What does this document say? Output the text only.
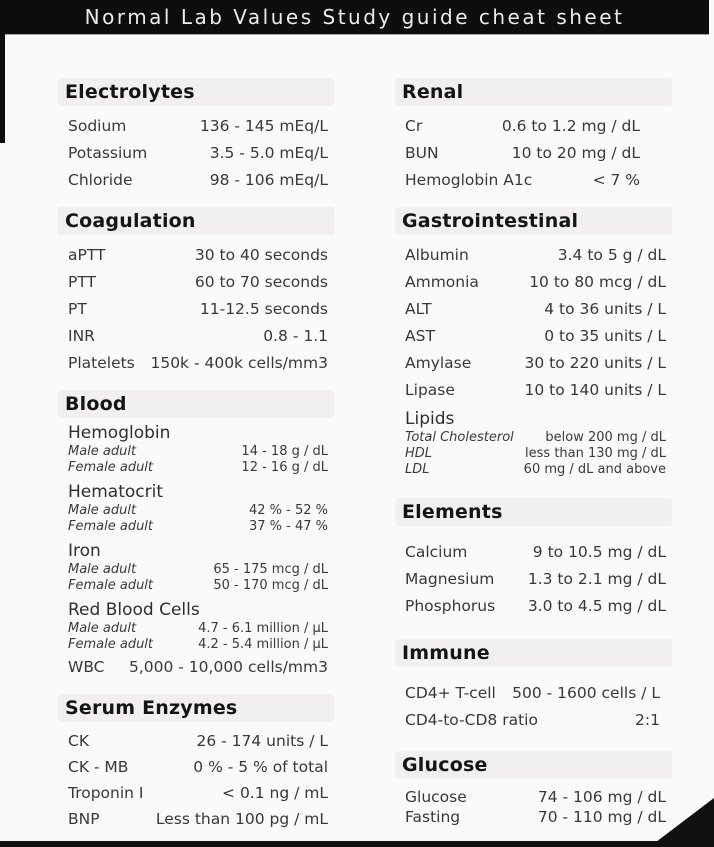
Normal Lab Values Study guide cheat sheet
Electrolytes
Sodium	136 - 145 mEq/L
Potassium	3.5 - 5.0 mEq/L
Chloride	98 - 106 mEq/L
Coagulation
aPTT	30 to 40 seconds
PTT	60 to 70 seconds
PT	11-12.5 seconds
INR	0.8 - 1.1
Platelets 150k - 400k cells/mm3
Blood
Hemoglobin
Male adult	14 - 18 g / dL
Female adult	12 - 16 g / dL
Hematocrit
Male adult	42 % - 52 %
Female adult	37 % - 47 %
Iron
Male adult	65 - 175 mcg / dL
Female adult	50 - 170 mcg / dL
Red Blood Cells
Male adult	4.7 - 6.1 million / µL
Female adult	4.2 - 5.4 million / µL
WBC 5,000 - 10,000 cells/mm3
Serum Enzymes
CK	26 - 174 units / L
CK - MB	0 % - 5 % of total
Troponin I	< 0.1 ng / mL
BNP	Less than 100 pg / mL
Renal
Cr	0.6 to 1.2 mg / dL
BUN	10 to 20 mg / dL
Hemoglobin A1c	< 7 %
Gastrointestinal
Albumin	3.4 to 5 g / dL
Ammonia	10 to 80 mcg / dL
ALT	4 to 36 units / L
AST	0 to 35 units / L
Amylase	30 to 220 units / L
Lipase	10 to 140 units / L
Lipids
Total Cholesterol below 200 mg / dL
HDL	less than 130 mg / dL
LDL	60 mg / dL and above
Elements
Calcium	9 to 10.5 mg / dL
Magnesium 1.3 to 2.1 mg / dL
Phosphorus 3.0 to 4.5 mg / dL
Immune
CD4+ T-cell 500 - 1600 cells / L
CD4-to-CD8 ratio	2:1
Glucose
Glucose	74 - 106 mg / dL
Fasting	70 - 110 mg / dL
